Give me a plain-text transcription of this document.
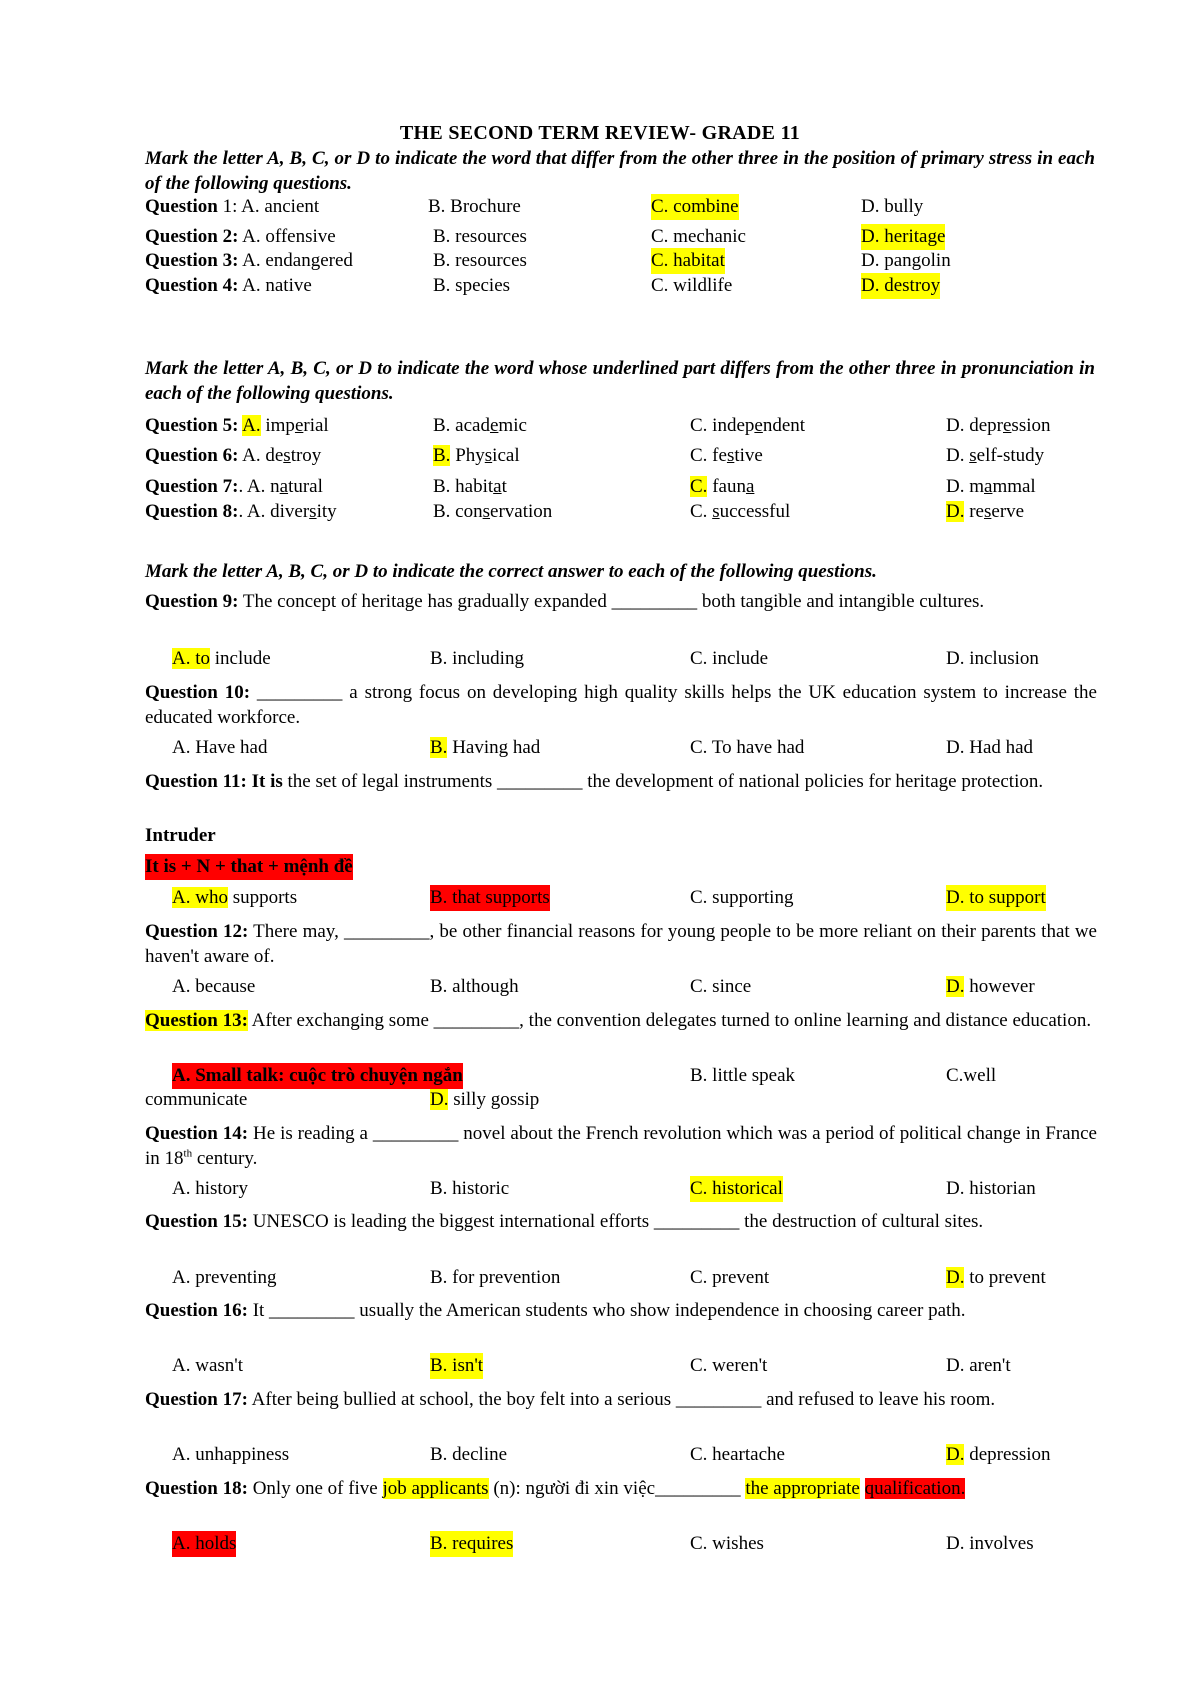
THE SECOND TERM REVIEW- GRADE 11
Mark the letter A, B, C, or D to indicate the word that differ from the other three in the position of primary stress in each of the following questions.
Question 1: A. ancient	B. Brochure	C. combine	D. bully
Question 2: A. offensive	B. resources	C. mechanic	D. heritage
Question 3: A. endangered	B. resources	C. habitat	D. pangolin
Question 4: A. native	B. species	C. wildlife	D. destroy
Mark the letter A, B, C, or D to indicate the word whose underlined part differs from the other three in pronunciation in each of the following questions.
Question 5: A. imperial	B. academic	C. independent	D. depression
Question 6: A. destroy	B. Physical	C. festive	D. self-study
Question 7:. A. natural	B. habitat	C. fauna	D. mammal
Question 8:. A. diversity	B. conservation	C. successful	D. reserve
Mark the letter A, B, C, or D to indicate the correct answer to each of the following questions.
Question 9: The concept of heritage has gradually expanded _________ both tangible and intangible cultures.
A. to include	B. including	C. include	D. inclusion
Question 10: _________ a strong focus on developing high quality skills helps the UK education system to increase the educated workforce.
A. Have had	B. Having had	C. To have had	D. Had had
Question 11: It is the set of legal instruments _________ the development of national policies for heritage protection.
Intruder
It is + N + that + mệnh đề
A. who supports	B. that supports	C. supporting	D. to support
Question 12: There may, _________, be other financial reasons for young people to be more reliant on their parents that we haven't aware of.
A. because	B. although	C. since	D. however
Question 13: After exchanging some _________, the convention delegates turned to online learning and distance education.
A. Small talk: cuộc trò chuyện ngắn	B. little speak	C.well
communicate	D. silly gossip
Question 14: He is reading a _________ novel about the French revolution which was a period of political change in France in 18th century.
A. history	B. historic	C. historical	D. historian
Question 15: UNESCO is leading the biggest international efforts _________ the destruction of cultural sites.
A. preventing	B. for prevention	C. prevent	D. to prevent
Question 16: It _________ usually the American students who show independence in choosing career path.
A. wasn't	B. isn't	C. weren't	D. aren't
Question 17: After being bullied at school, the boy felt into a serious _________ and refused to leave his room.
A. unhappiness	B. decline	C. heartache	D. depression
Question 18: Only one of five job applicants (n): người đi xin việc_________ the appropriate qualification.
A. holds	B. requires	C. wishes	D. involves
